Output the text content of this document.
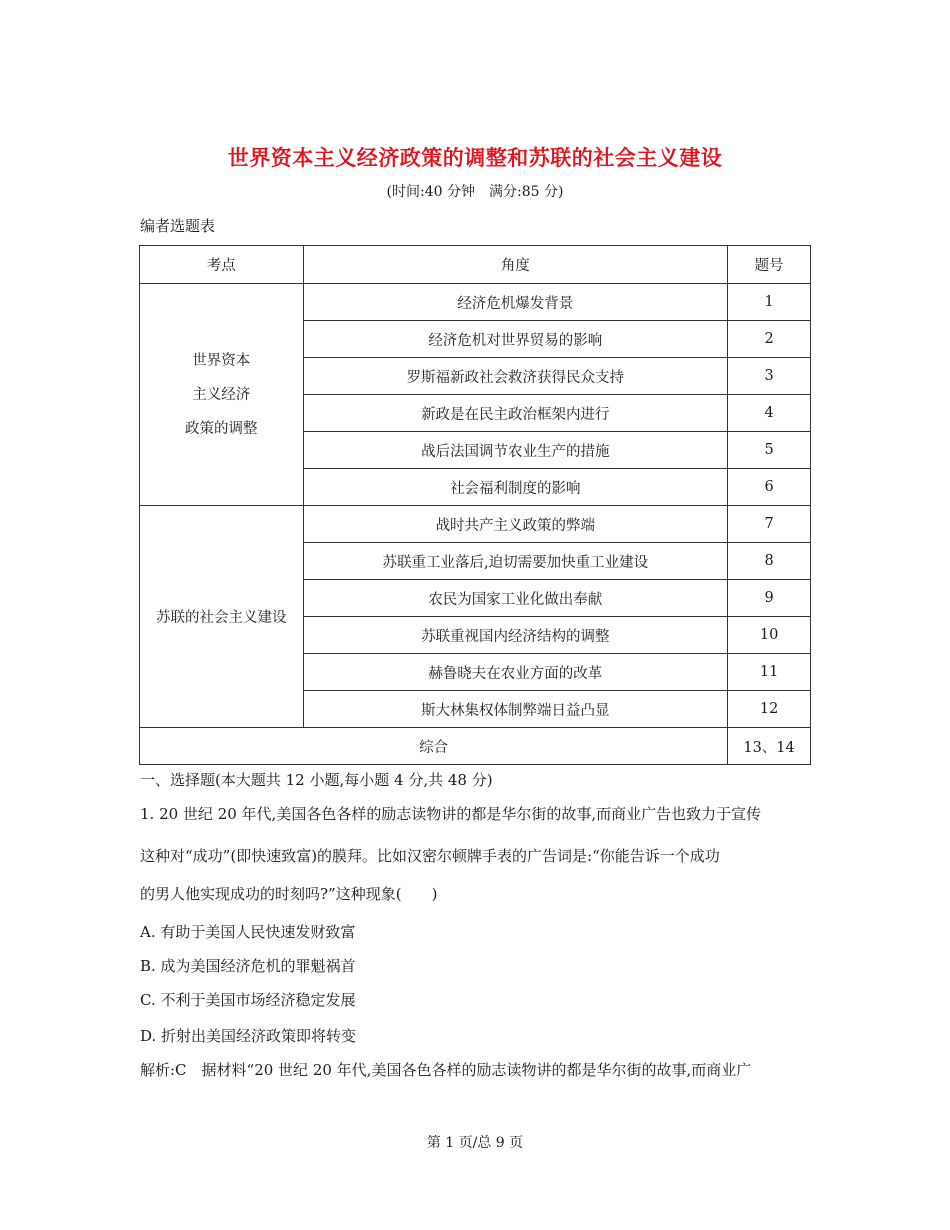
世界资本主义经济政策的调整和苏联的社会主义建设
(时间:40 分钟　满分:85 分)
编者选题表
考点	角度	题号

世界资本
主义经济
政策的调整	经济危机爆发背景	1
	经济危机对世界贸易的影响	2
	罗斯福新政社会救济获得民众支持	3
	新政是在民主政治框架内进行	4
	战后法国调节农业生产的措施	5
	社会福利制度的影响	6
苏联的社会主义建设	战时共产主义政策的弊端	7
	苏联重工业落后,迫切需要加快重工业建设	8
	农民为国家工业化做出奉献	9
	苏联重视国内经济结构的调整	10
	赫鲁晓夫在农业方面的改革	11
	斯大林集权体制弊端日益凸显	12
综合		13、14
一、选择题(本大题共 12 小题,每小题 4 分,共 48 分)
1. 20 世纪 20 年代,美国各色各样的励志读物讲的都是华尔街的故事,而商业广告也致力于宣传
这种对“成功”(即快速致富)的膜拜。比如汉密尔顿牌手表的广告词是:“你能告诉一个成功
的男人他实现成功的时刻吗?”这种现象(　　)
A. 有助于美国人民快速发财致富
B. 成为美国经济危机的罪魁祸首
C. 不利于美国市场经济稳定发展
D. 折射出美国经济政策即将转变
解析:C　据材料“20 世纪 20 年代,美国各色各样的励志读物讲的都是华尔街的故事,而商业广
第 1 页/总 9 页
